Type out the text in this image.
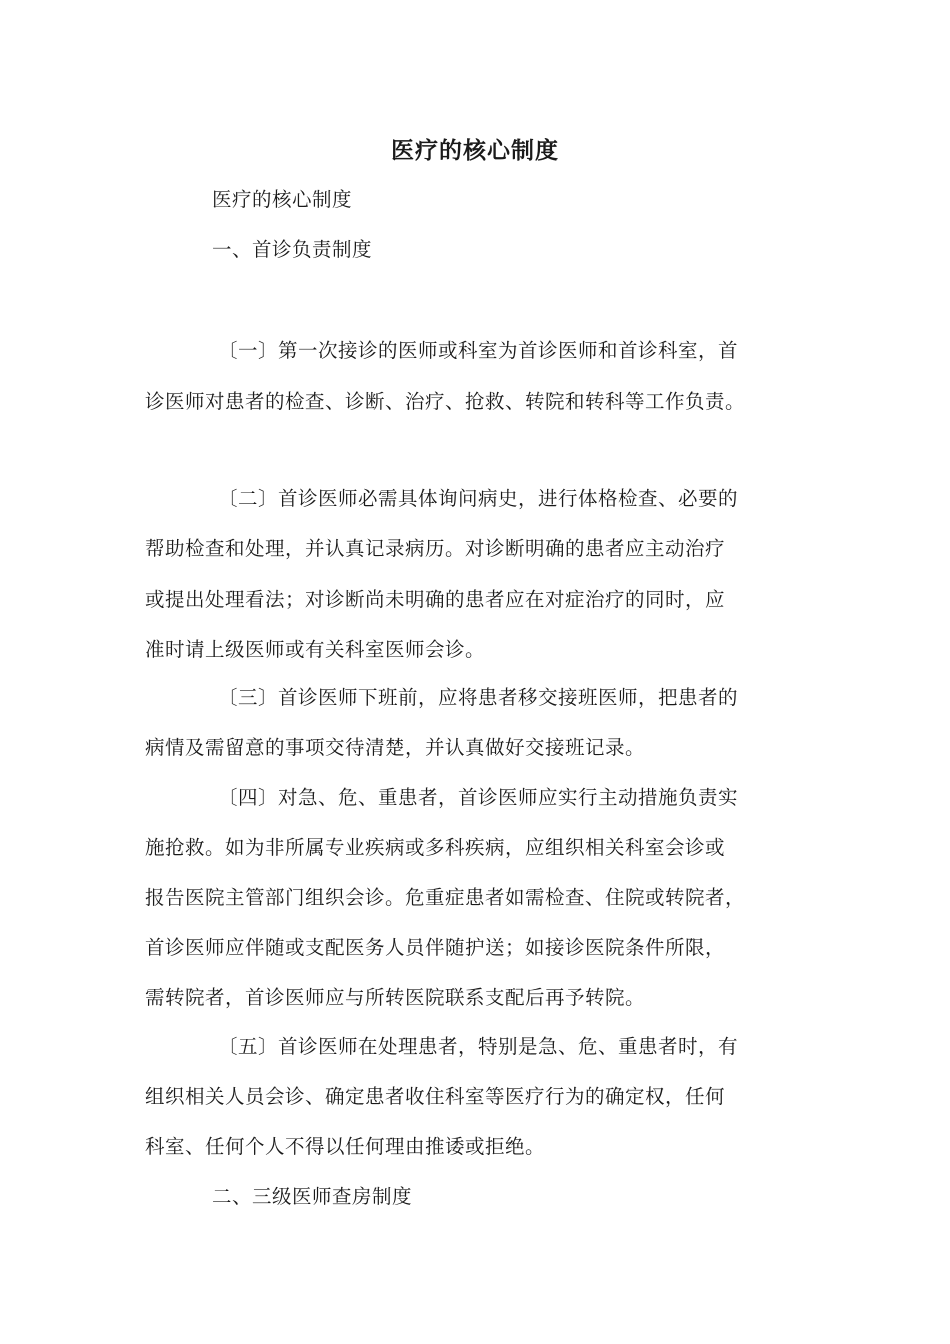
医疗的核心制度
医疗的核心制度
一、首诊负责制度
〔一〕第一次接诊的医师或科室为首诊医师和首诊科室，首
诊医师对患者的检查、诊断、治疗、抢救、转院和转科等工作负责。
〔二〕首诊医师必需具体询问病史，进行体格检查、必要的
帮助检查和处理，并认真记录病历。对诊断明确的患者应主动治疗
或提出处理看法；对诊断尚未明确的患者应在对症治疗的同时，应
准时请上级医师或有关科室医师会诊。
〔三〕首诊医师下班前，应将患者移交接班医师，把患者的
病情及需留意的事项交待清楚，并认真做好交接班记录。
〔四〕对急、危、重患者，首诊医师应实行主动措施负责实
施抢救。如为非所属专业疾病或多科疾病，应组织相关科室会诊或
报告医院主管部门组织会诊。危重症患者如需检查、住院或转院者，
首诊医师应伴随或支配医务人员伴随护送；如接诊医院条件所限，
需转院者，首诊医师应与所转医院联系支配后再予转院。
〔五〕首诊医师在处理患者，特别是急、危、重患者时，有
组织相关人员会诊、确定患者收住科室等医疗行为的确定权，任何
科室、任何个人不得以任何理由推诿或拒绝。
二、三级医师查房制度
